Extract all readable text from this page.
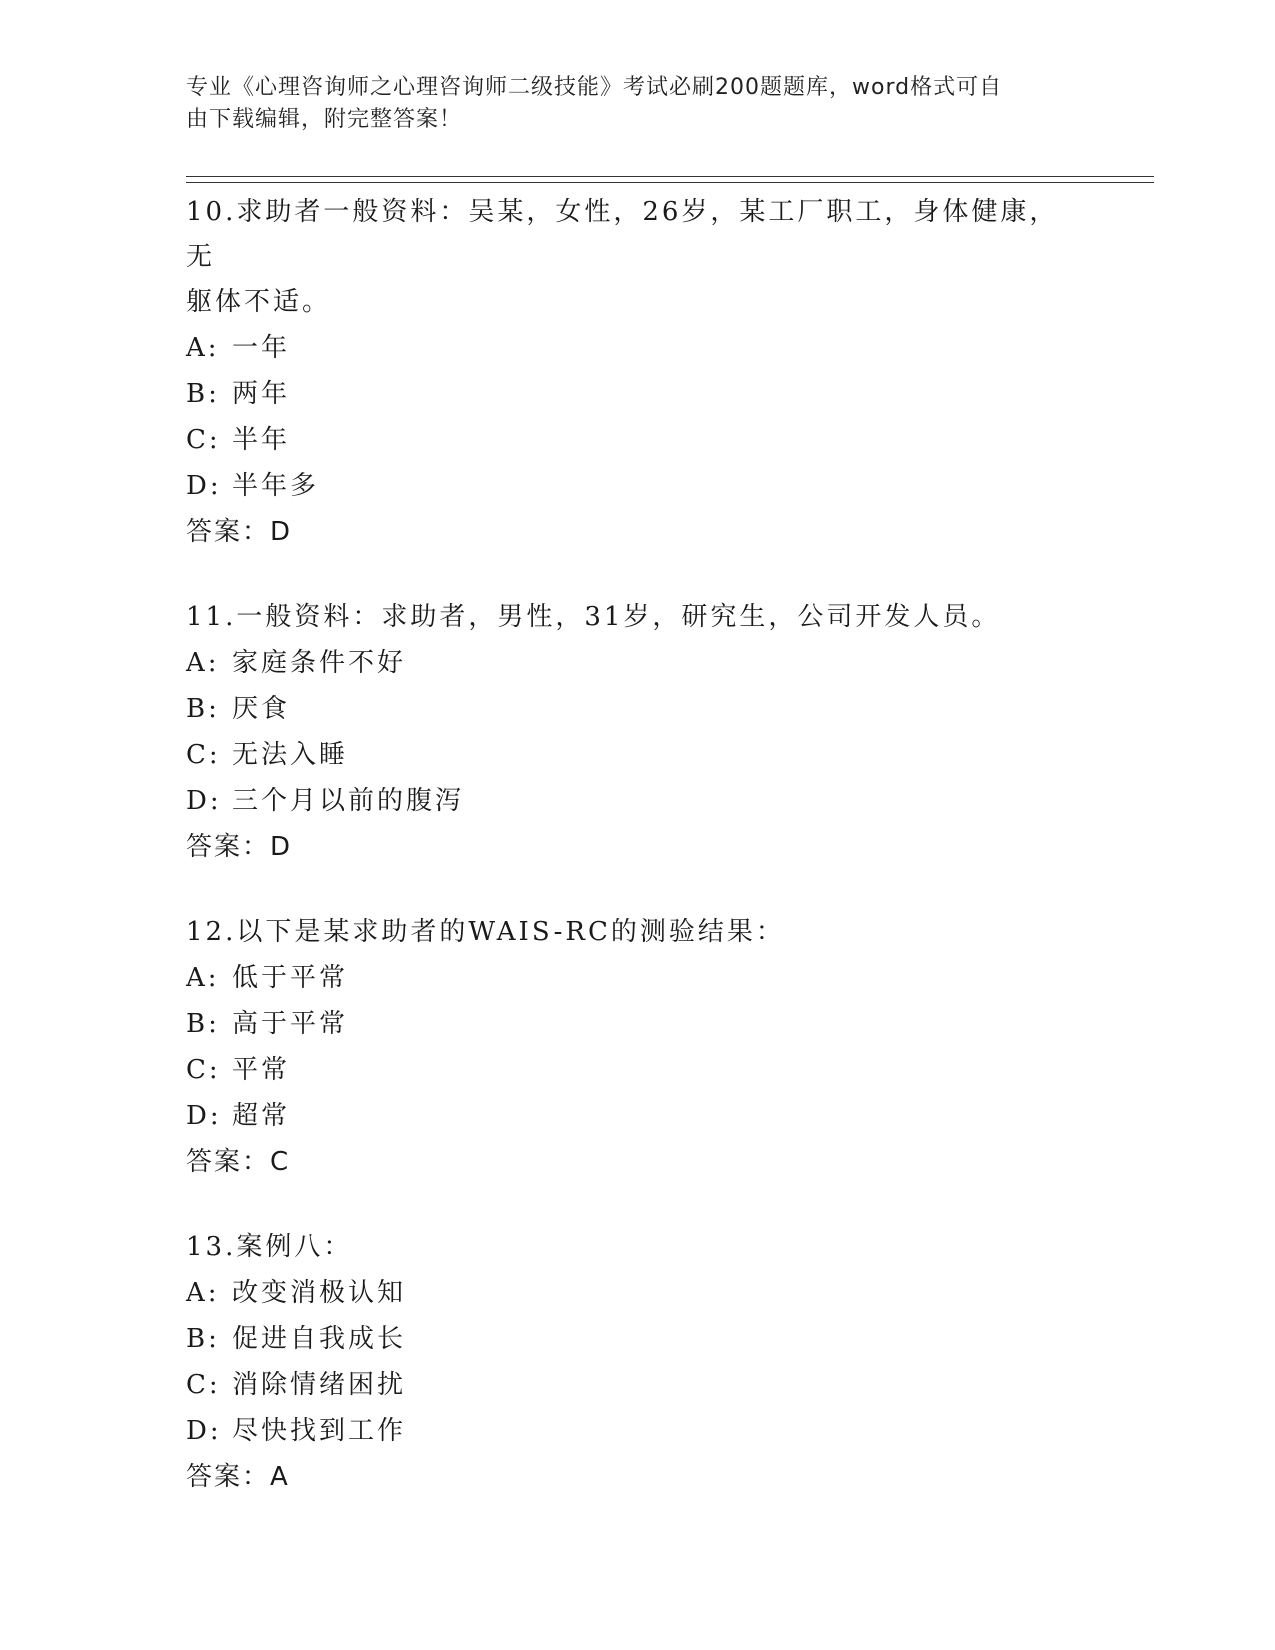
专业《心理咨询师之心理咨询师二级技能》考试必刷200题题库，word格式可自
由下载编辑，附完整答案！
10.求助者一般资料：吴某，女性，26岁，某工厂职工，身体健康，无
躯体不适。
A: 一年
B: 两年
C: 半年
D: 半年多
答案：D
11.一般资料：求助者，男性，31岁，研究生，公司开发人员。
A: 家庭条件不好
B: 厌食
C: 无法入睡
D: 三个月以前的腹泻
答案：D
12.以下是某求助者的WAIS-RC的测验结果：
A: 低于平常
B: 高于平常
C: 平常
D: 超常
答案：C
13.案例八：
A: 改变消极认知
B: 促进自我成长
C: 消除情绪困扰
D: 尽快找到工作
答案：A
